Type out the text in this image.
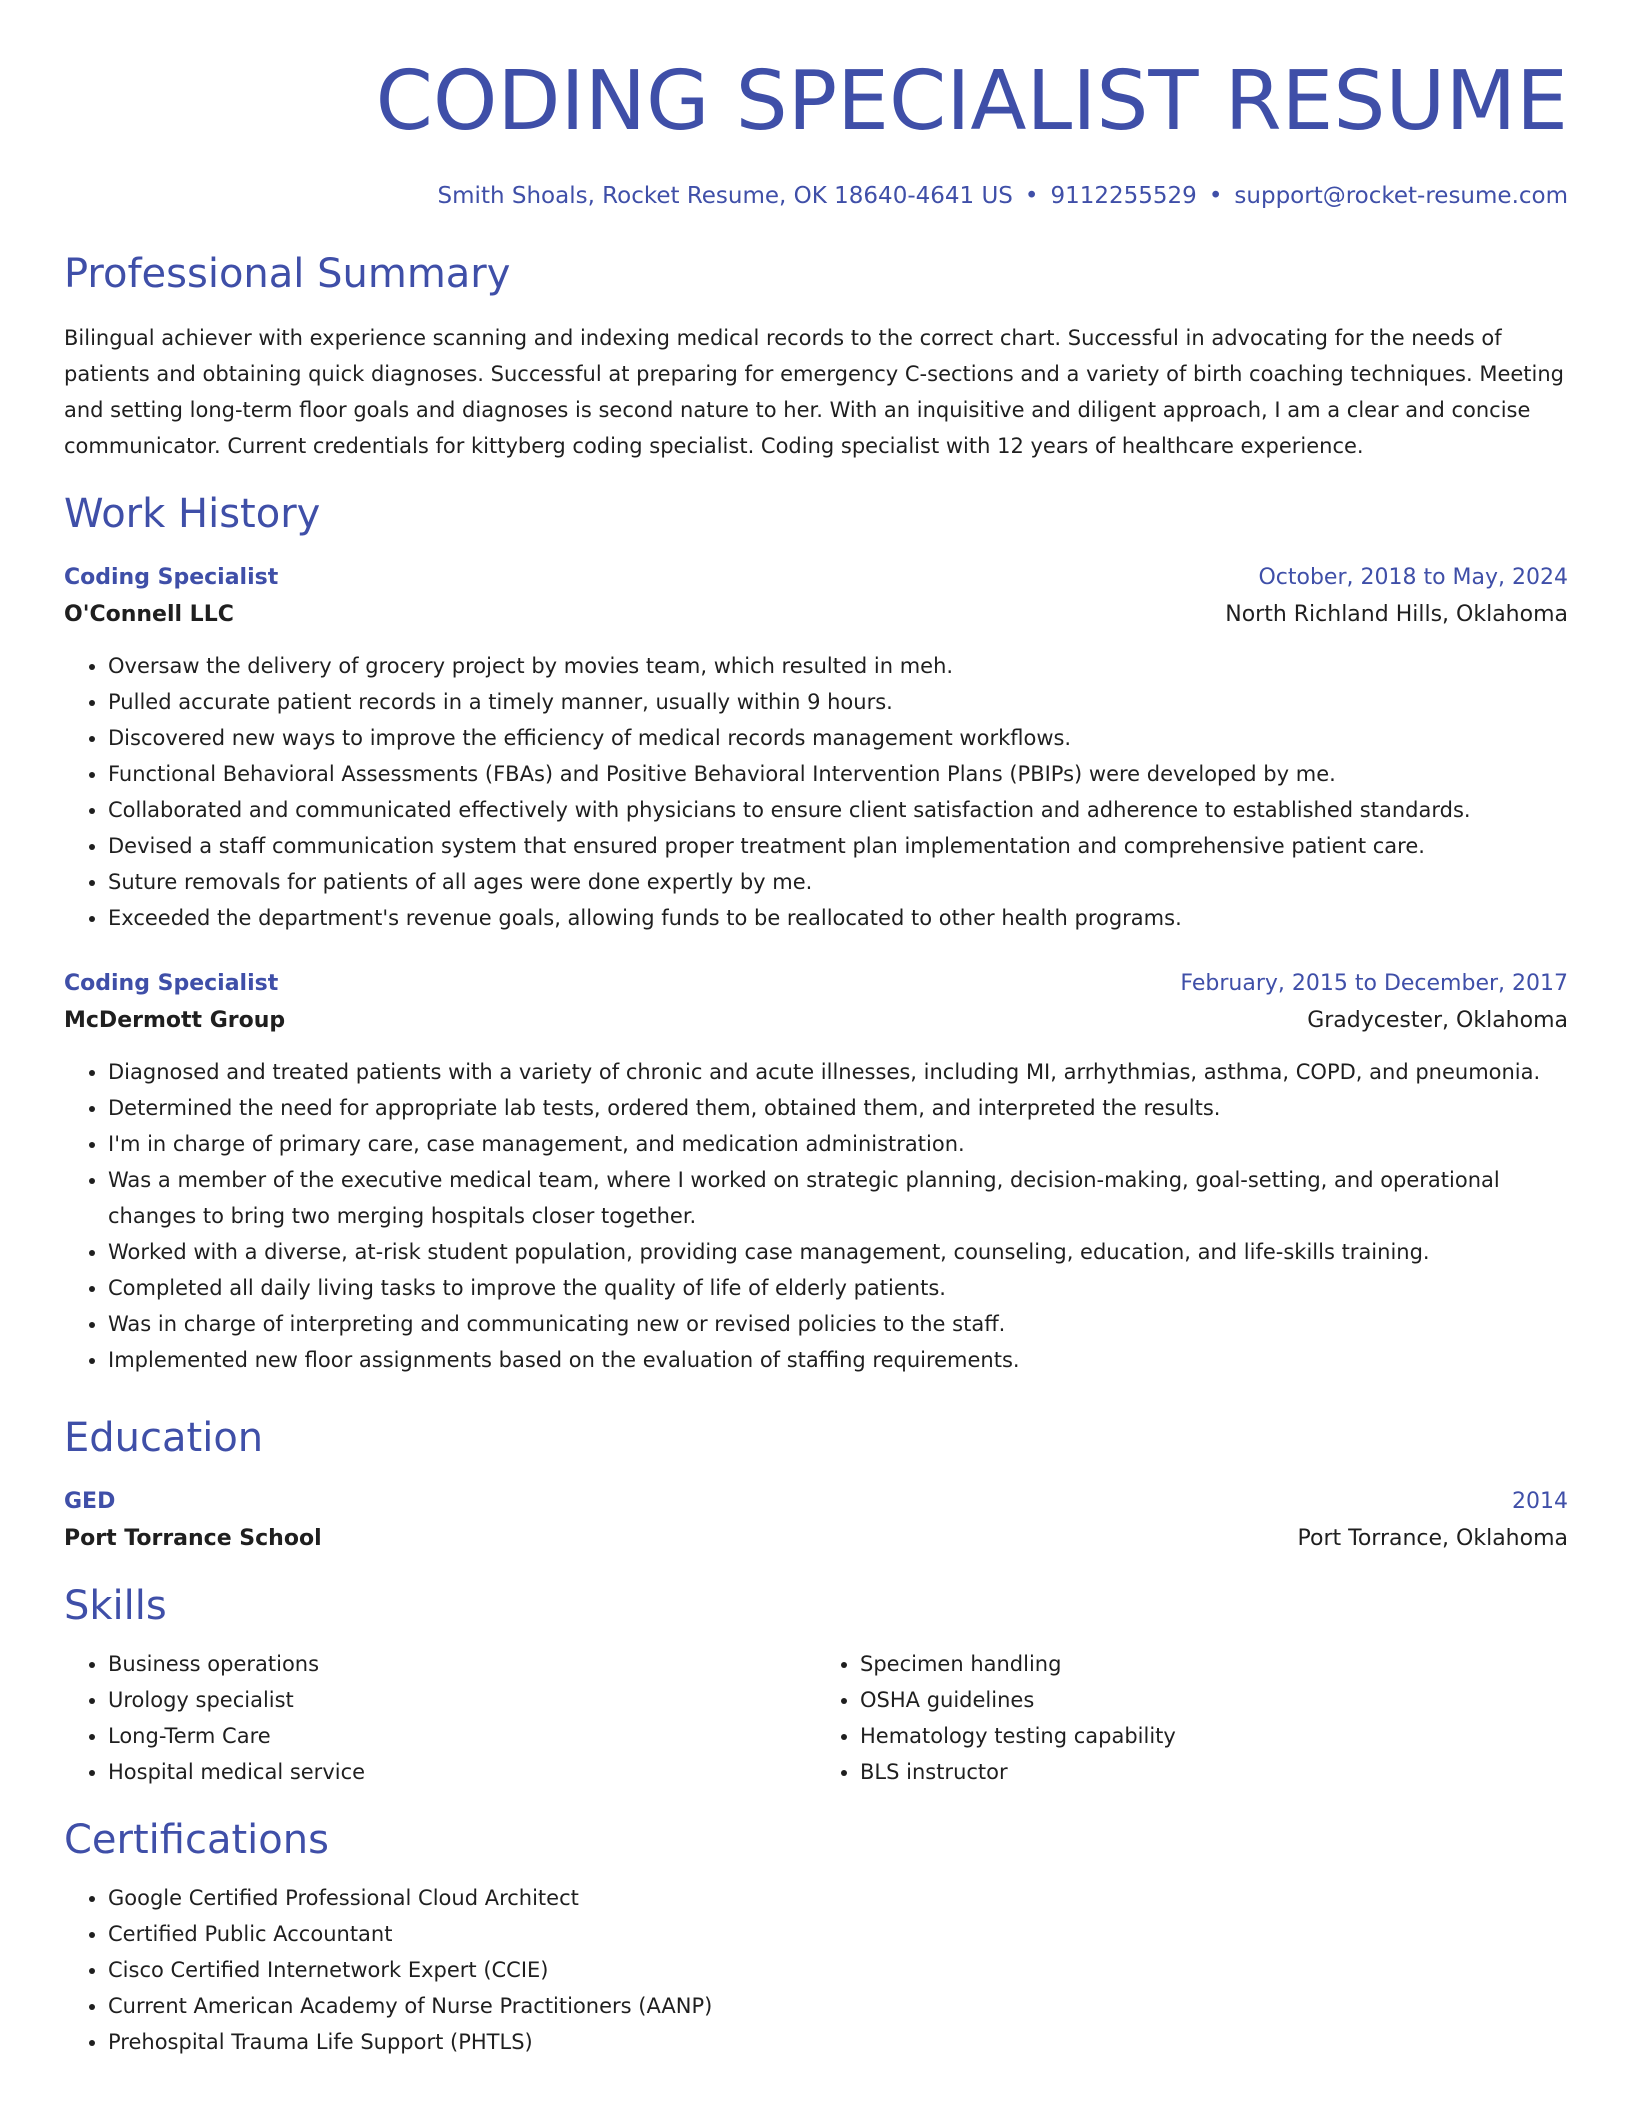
CODING SPECIALIST RESUME
Smith Shoals, Rocket Resume, OK 18640-4641 US • 9112255529 • support@rocket-resume.com
Professional Summary
Bilingual achiever with experience scanning and indexing medical records to the correct chart. Successful in advocating for the needs of patients and obtaining quick diagnoses. Successful at preparing for emergency C-sections and a variety of birth coaching techniques. Meeting and setting long-term floor goals and diagnoses is second nature to her. With an inquisitive and diligent approach, I am a clear and concise communicator. Current credentials for kittyberg coding specialist. Coding specialist with 12 years of healthcare experience.
Work History
Coding Specialist	October, 2018 to May, 2024
O'Connell LLC	North Richland Hills, Oklahoma
• Oversaw the delivery of grocery project by movies team, which resulted in meh.
• Pulled accurate patient records in a timely manner, usually within 9 hours.
• Discovered new ways to improve the efficiency of medical records management workflows.
• Functional Behavioral Assessments (FBAs) and Positive Behavioral Intervention Plans (PBIPs) were developed by me.
• Collaborated and communicated effectively with physicians to ensure client satisfaction and adherence to established standards.
• Devised a staff communication system that ensured proper treatment plan implementation and comprehensive patient care.
• Suture removals for patients of all ages were done expertly by me.
• Exceeded the department's revenue goals, allowing funds to be reallocated to other health programs.
Coding Specialist	February, 2015 to December, 2017
McDermott Group	Gradycester, Oklahoma
• Diagnosed and treated patients with a variety of chronic and acute illnesses, including MI, arrhythmias, asthma, COPD, and pneumonia.
• Determined the need for appropriate lab tests, ordered them, obtained them, and interpreted the results.
• I'm in charge of primary care, case management, and medication administration.
• Was a member of the executive medical team, where I worked on strategic planning, decision-making, goal-setting, and operational changes to bring two merging hospitals closer together.
• Worked with a diverse, at-risk student population, providing case management, counseling, education, and life-skills training.
• Completed all daily living tasks to improve the quality of life of elderly patients.
• Was in charge of interpreting and communicating new or revised policies to the staff.
• Implemented new floor assignments based on the evaluation of staffing requirements.
Education
GED	2014
Port Torrance School	Port Torrance, Oklahoma
Skills
• Business operations
• Urology specialist
• Long-Term Care
• Hospital medical service
• Specimen handling
• OSHA guidelines
• Hematology testing capability
• BLS instructor
Certifications
• Google Certified Professional Cloud Architect
• Certified Public Accountant
• Cisco Certified Internetwork Expert (CCIE)
• Current American Academy of Nurse Practitioners (AANP)
• Prehospital Trauma Life Support (PHTLS)
